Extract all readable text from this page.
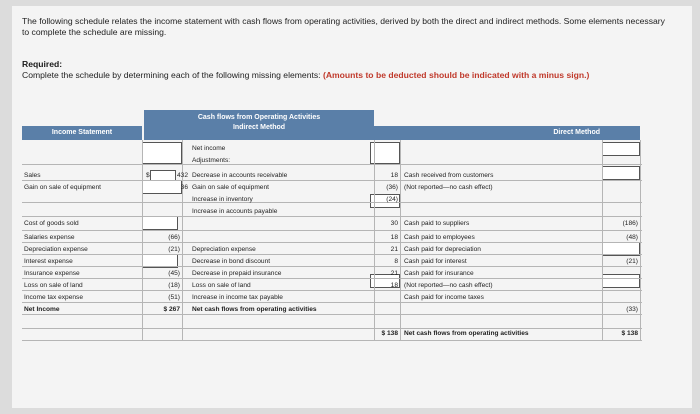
The following schedule relates the income statement with cash flows from operating activities, derived by both the direct and indirect methods. Some elements necessary to complete the schedule are missing.
Required:
Complete the schedule by determining each of the following missing elements: (Amounts to be deducted should be indicated with a minus sign.)
Income Statement
Cash flows from Operating Activities
Indirect Method
Direct Method
Sales
Gain on sale of equipment
Cost of goods sold
Salaries expense
Depreciation expense
Interest expense
Insurance expense
Loss on sale of land
Income tax expense
Net Income
$
(66)
(21)
(45)
(18)
(51)
$ 267
432
36
Net income
Adjustments:
Decrease in accounts receivable
Gain on sale of equipment
Increase in inventory
Increase in accounts payable
Depreciation expense
Decrease in bond discount
Decrease in prepaid insurance
Loss on sale of land
Increase in income tax payable
Net cash flows from operating activities
18
(36)
(24)
30
18
21
8
21
18
$ 138
Cash received from customers
(Not reported—no cash effect)
Cash paid to suppliers
Cash paid to employees
Cash paid for depreciation
Cash paid for interest
Cash paid for insurance
(Not reported—no cash effect)
Cash paid for income taxes
Net cash flows from operating activities
(186)
(48)
(21)
(33)
$ 138
